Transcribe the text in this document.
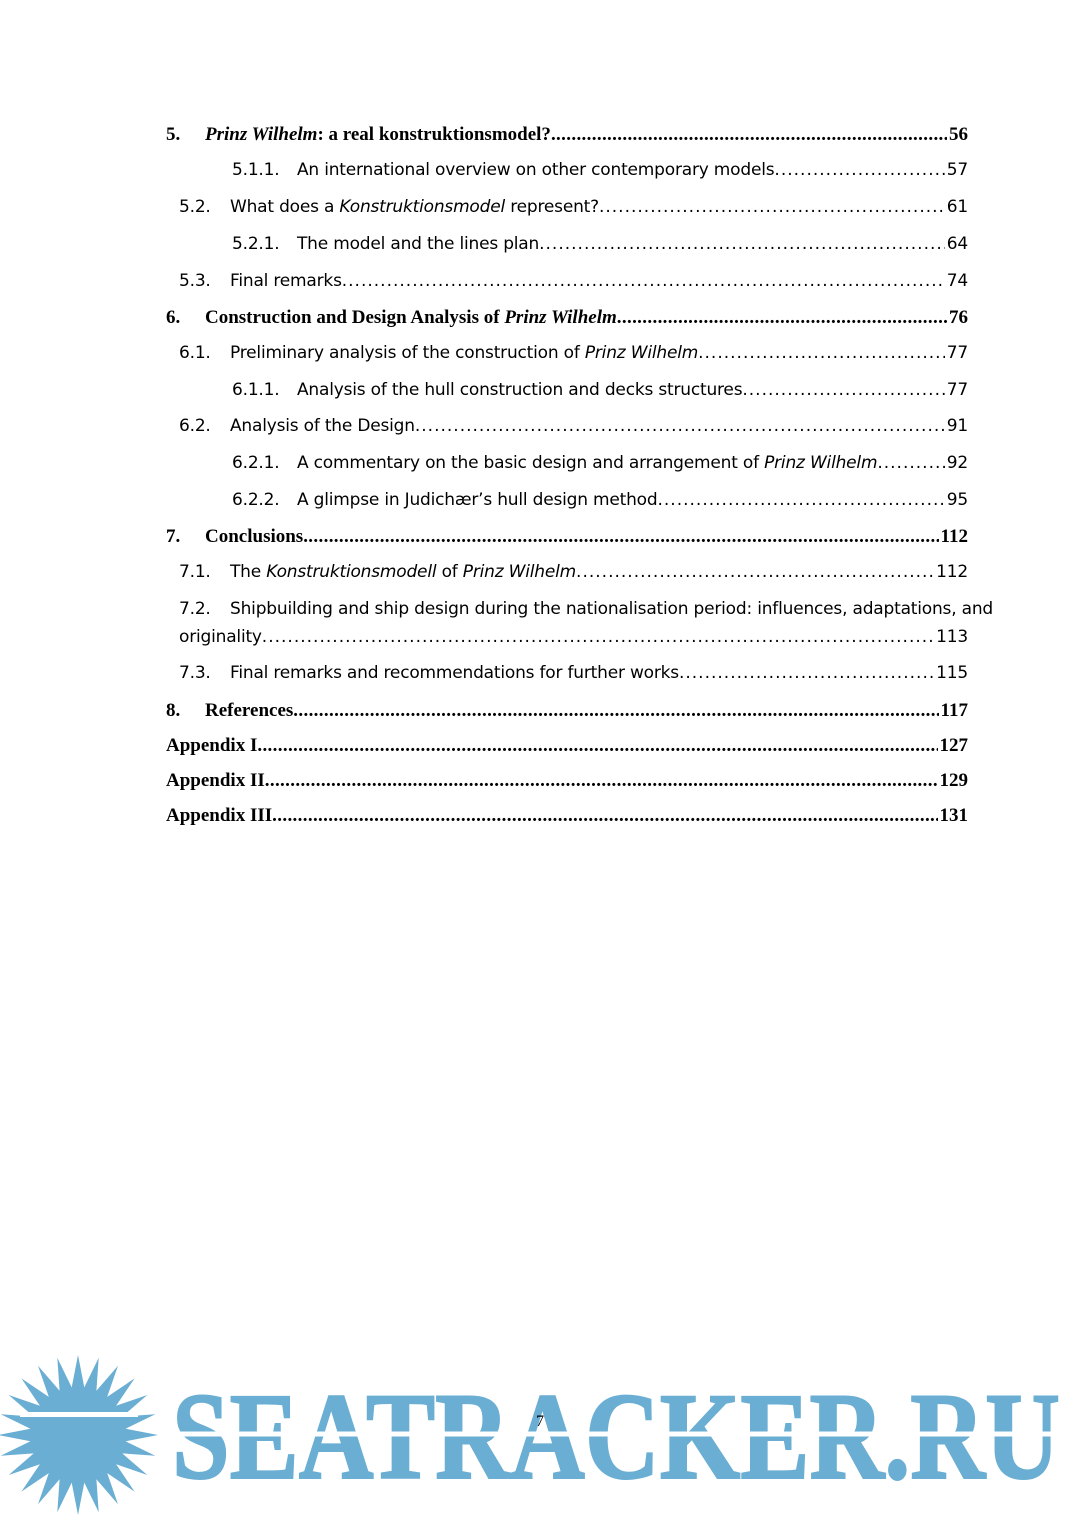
5.	Prinz Wilhelm: a real konstruktionsmodel? . . .	56
5.1.1.	An international overview on other contemporary models . . .	57
5.2.	What does a Konstruktionsmodel represent? . . .	61
5.2.1.	The model and the lines plan . . .	64
5.3.	Final remarks . . .	74
6.	Construction and Design Analysis of Prinz Wilhelm . . .	76
6.1.	Preliminary analysis of the construction of Prinz Wilhelm . . .	77
6.1.1.	Analysis of the hull construction and decks structures . . .	77
6.2.	Analysis of the Design . . .	91
6.2.1.	A commentary on the basic design and arrangement of Prinz Wilhelm . . .	92
6.2.2.	A glimpse in Judichær’s hull design method . . .	95
7.	Conclusions . . .	112
7.1.	The Konstruktionsmodell of Prinz Wilhelm . . .	112
7.2. Shipbuilding and ship design during the nationalisation period: influences, adaptations, and
originality . . .	113
7.3.	Final remarks and recommendations for further works . . .	115
8.	References . . .	117
Appendix I . . .	127
Appendix II . . .	129
Appendix III . . .	131
SEATRACKER.RU
7
